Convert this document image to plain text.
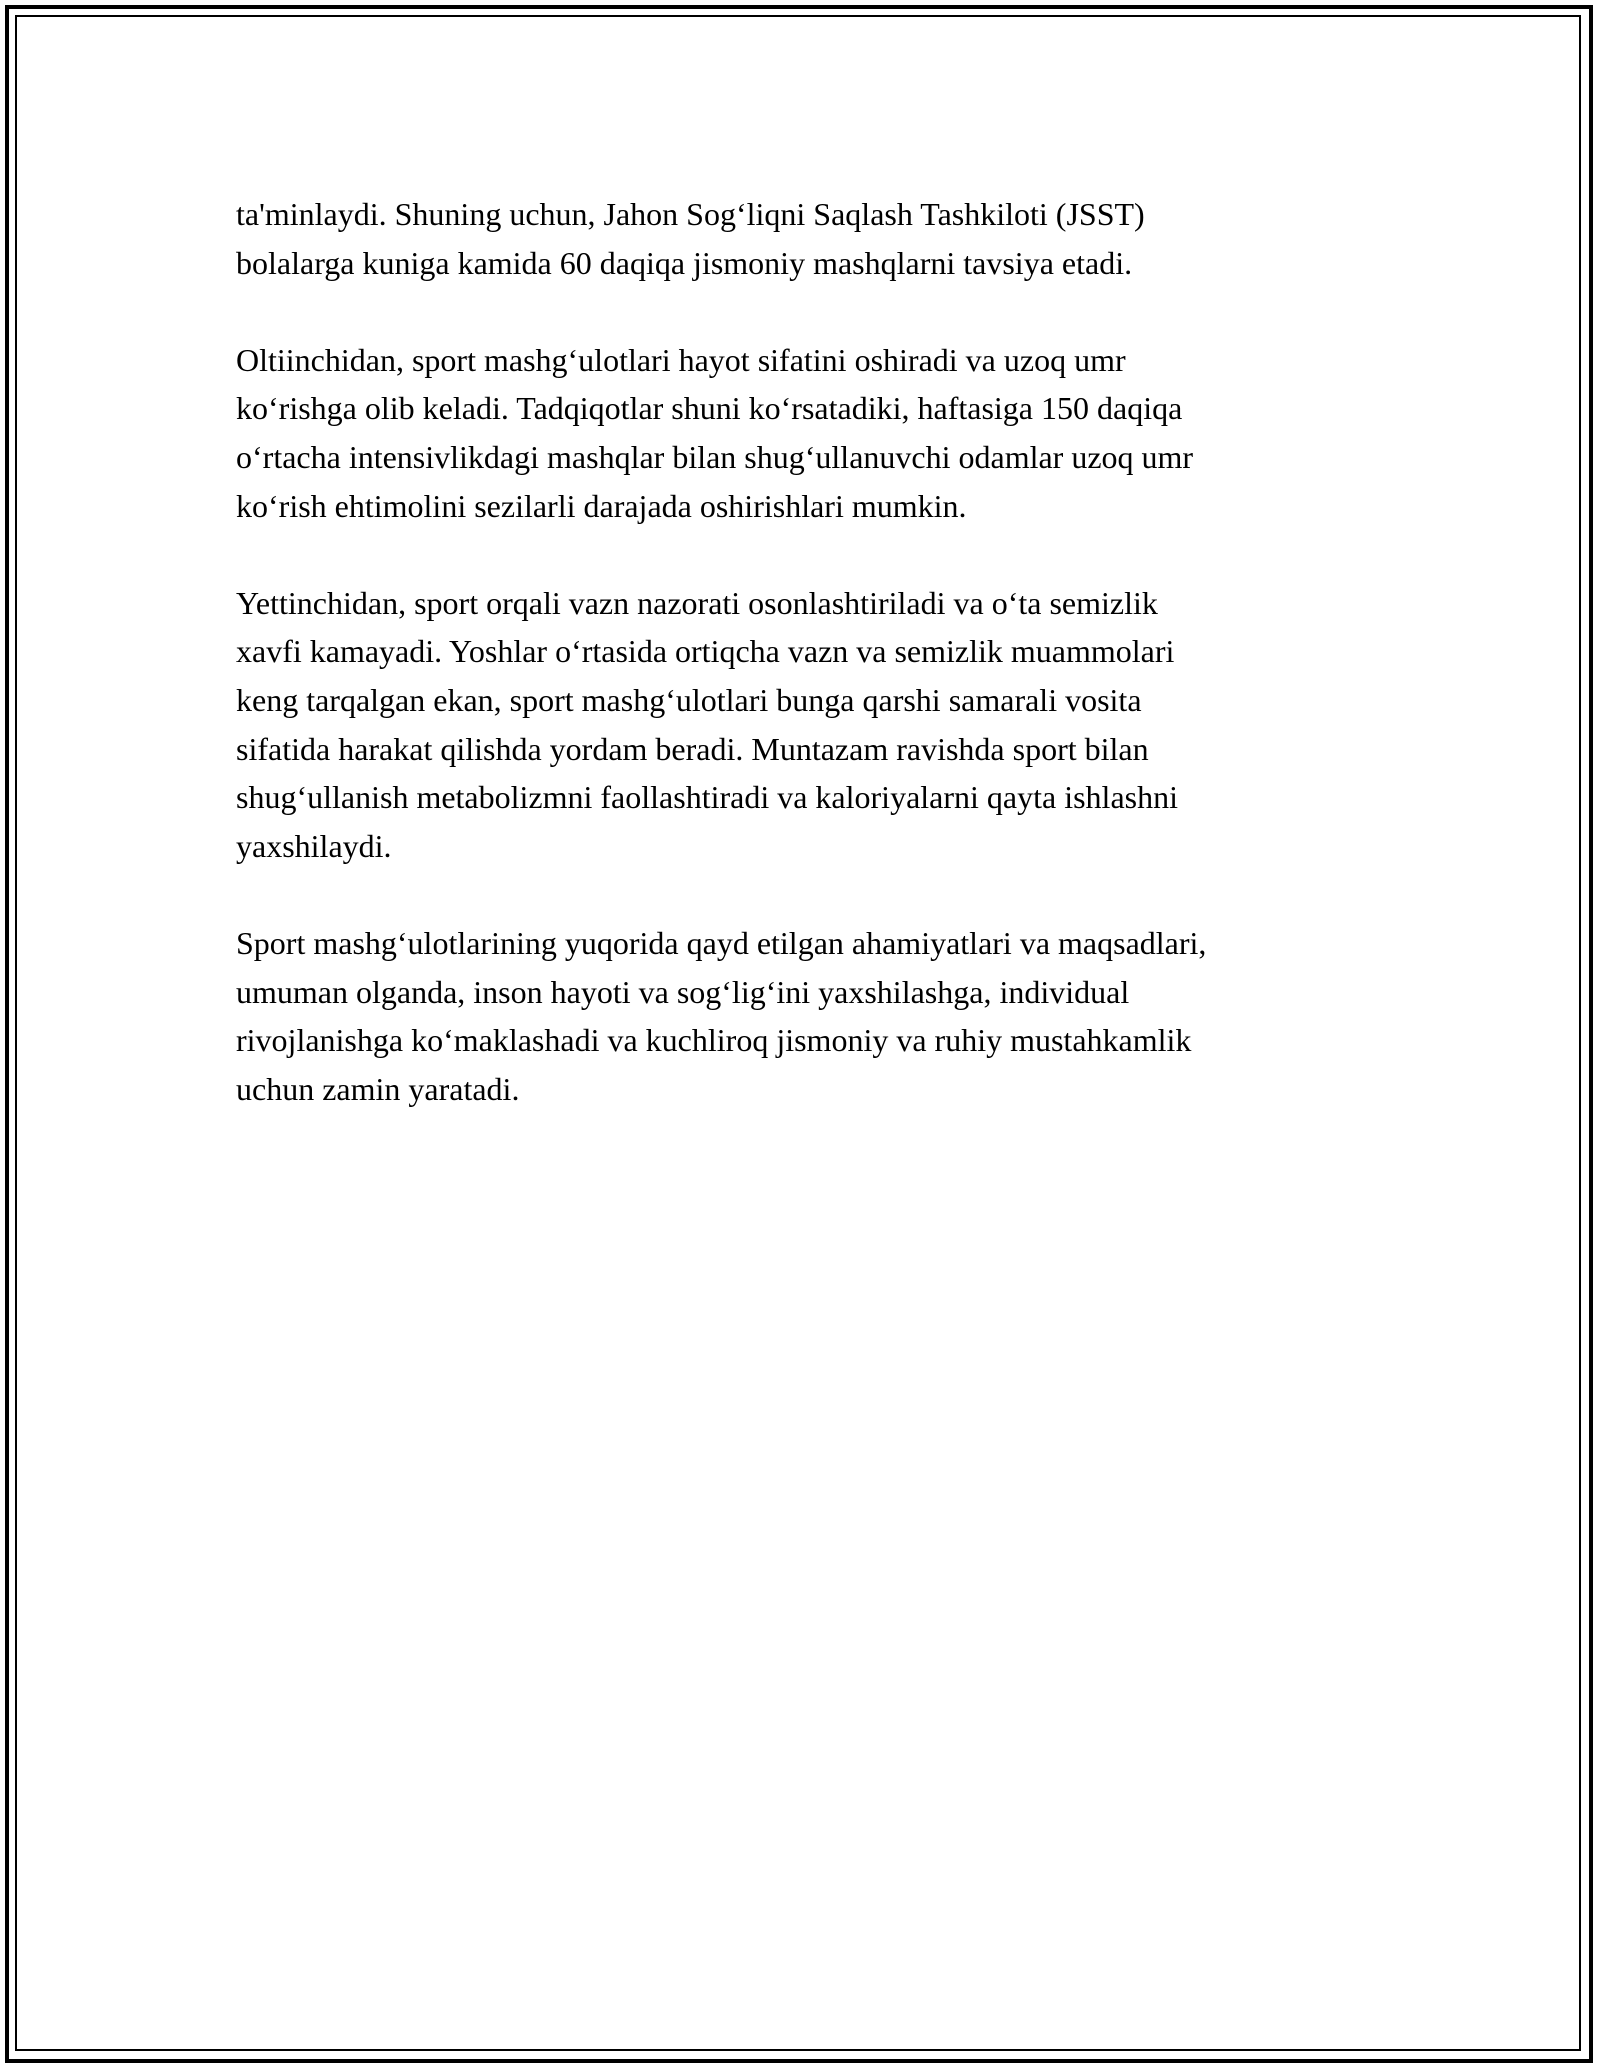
ta'minlaydi. Shuning uchun, Jahon Sog‘liqni Saqlash Tashkiloti (JSST)
bolalarga kuniga kamida 60 daqiqa jismoniy mashqlarni tavsiya etadi.

Oltiinchidan, sport mashg‘ulotlari hayot sifatini oshiradi va uzoq umr
ko‘rishga olib keladi. Tadqiqotlar shuni ko‘rsatadiki, haftasiga 150 daqiqa
o‘rtacha intensivlikdagi mashqlar bilan shug‘ullanuvchi odamlar uzoq umr
ko‘rish ehtimolini sezilarli darajada oshirishlari mumkin.

Yettinchidan, sport orqali vazn nazorati osonlashtiriladi va o‘ta semizlik
xavfi kamayadi. Yoshlar o‘rtasida ortiqcha vazn va semizlik muammolari
keng tarqalgan ekan, sport mashg‘ulotlari bunga qarshi samarali vosita
sifatida harakat qilishda yordam beradi. Muntazam ravishda sport bilan
shug‘ullanish metabolizmni faollashtiradi va kaloriyalarni qayta ishlashni
yaxshilaydi.

Sport mashg‘ulotlarining yuqorida qayd etilgan ahamiyatlari va maqsadlari,
umuman olganda, inson hayoti va sog‘lig‘ini yaxshilashga, individual
rivojlanishga ko‘maklashadi va kuchliroq jismoniy va ruhiy mustahkamlik
uchun zamin yaratadi.
